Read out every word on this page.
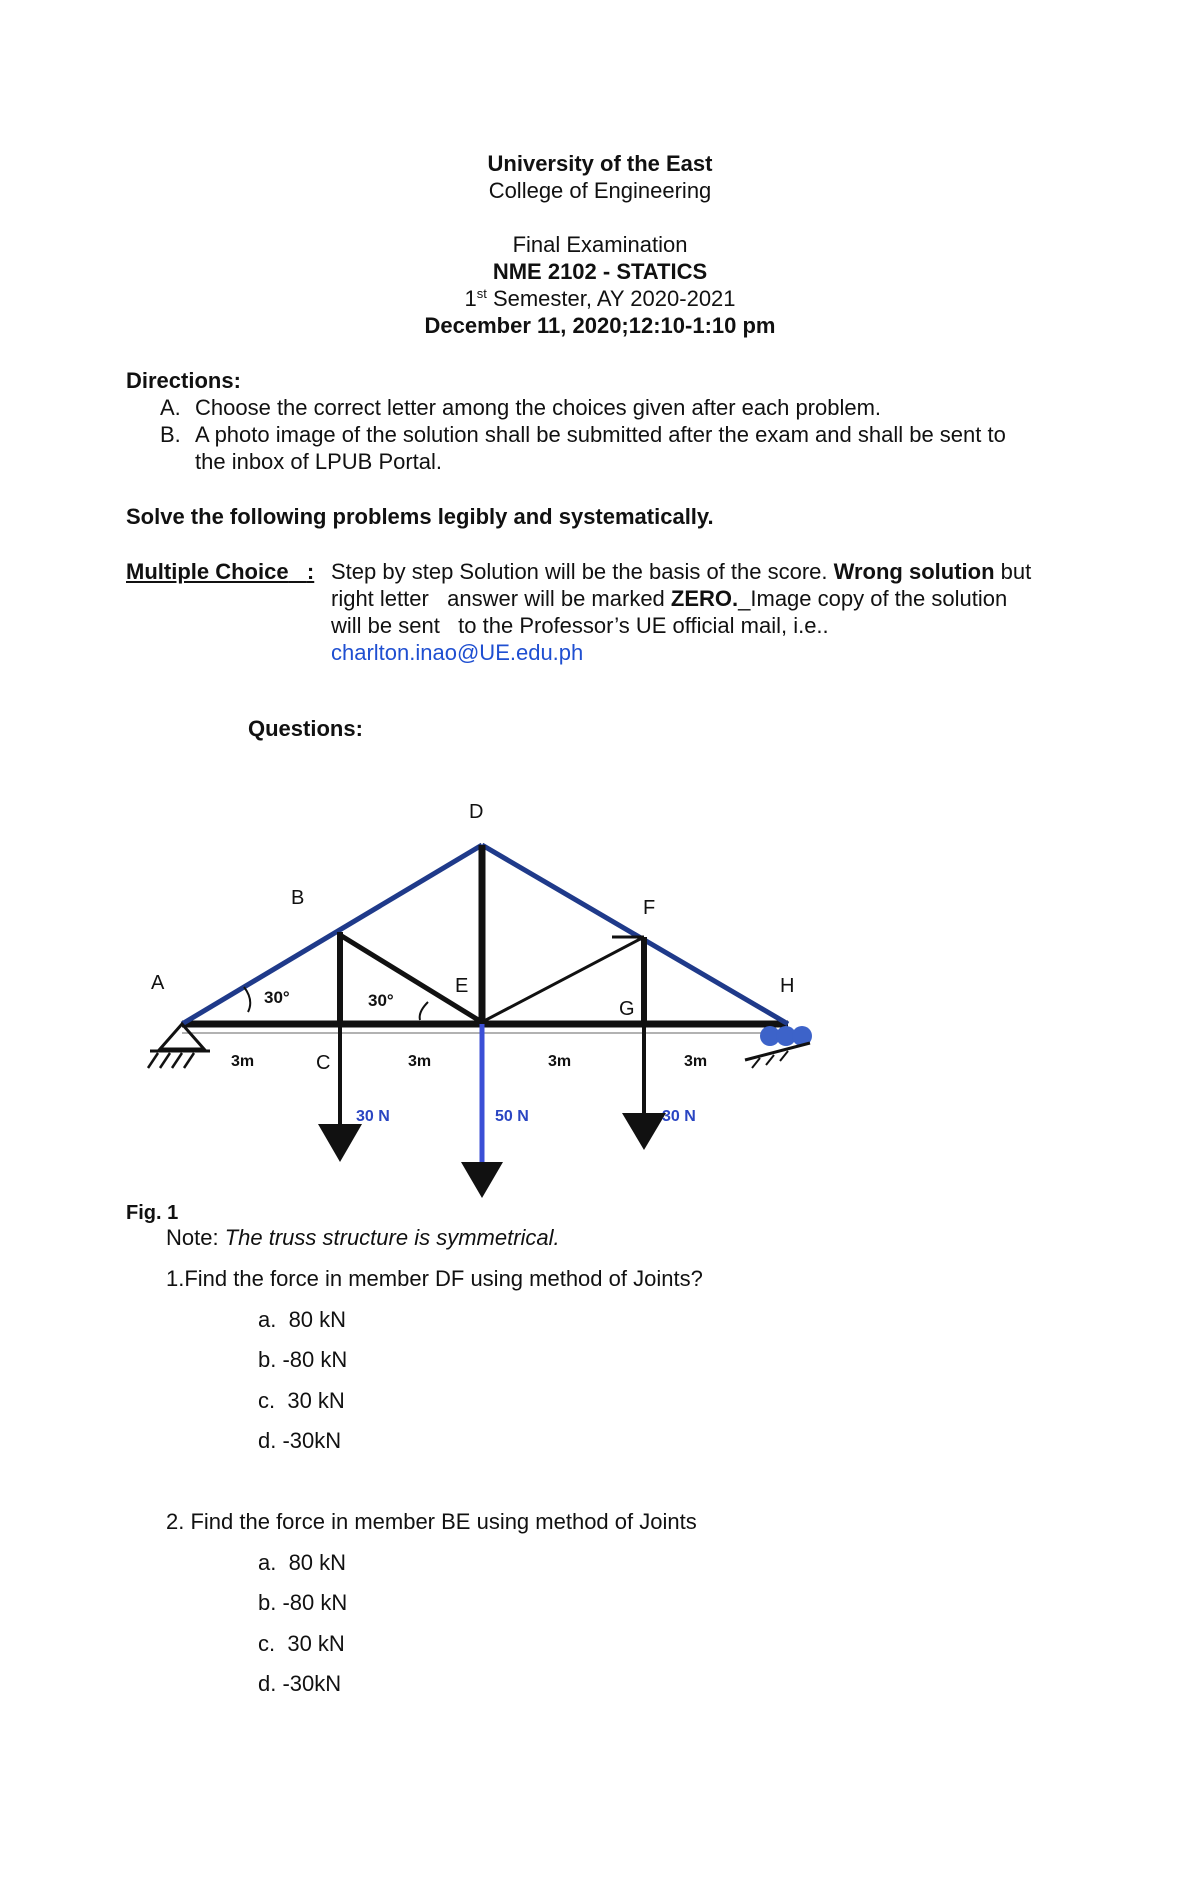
University of the East
College of Engineering
Final Examination
NME 2102 - STATICS
1st Semester, AY 2020-2021
December 11, 2020;12:10-1:10 pm
Directions:
A. Choose the correct letter among the choices given after each problem.
B. A photo image of the solution shall be submitted after the exam and shall be sent to
the inbox of LPUB Portal.
Solve the following problems legibly and systematically.
Multiple Choice : Step by step Solution will be the basis of the score. Wrong solution but
right letter   answer will be marked ZERO._Image copy of the solution
will be sent   to the Professor’s UE official mail, i.e..
charlton.inao@UE.edu.ph
Questions:
A
B
C
D
E
F
G
H
30°	30°
3m	3m	3m	3m
30 N	50 N	30 N
Fig. 1
Note: The truss structure is symmetrical.
1.Find the force in member DF using method of Joints?
a.  80 kN
b. -80 kN
c.  30 kN
d. -30kN
2. Find the force in member BE using method of Joints
a.  80 kN
b. -80 kN
c.  30 kN
d. -30kN
